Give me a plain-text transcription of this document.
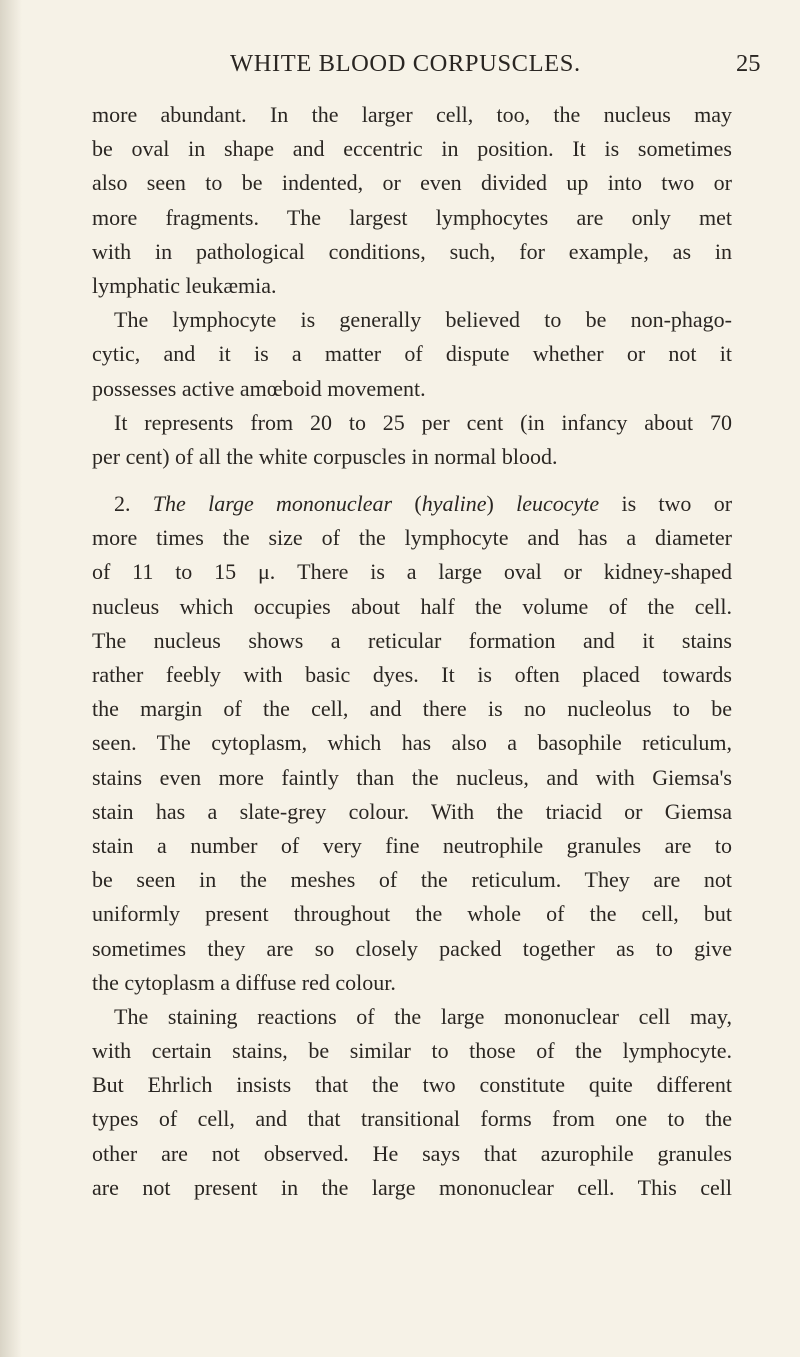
WHITE BLOOD CORPUSCLES.	25
more abundant. In the larger cell, too, the nucleus may
be oval in shape and eccentric in position. It is sometimes
also seen to be indented, or even divided up into two or
more fragments. The largest lymphocytes are only met
with in pathological conditions, such, for example, as in
lymphatic leukæmia.
The lymphocyte is generally believed to be non-phago-
cytic, and it is a matter of dispute whether or not it
possesses active amœboid movement.
It represents from 20 to 25 per cent (in infancy about 70
per cent) of all the white corpuscles in normal blood.
2. The large mononuclear (hyaline) leucocyte is two or
more times the size of the lymphocyte and has a diameter
of 11 to 15 μ. There is a large oval or kidney-shaped
nucleus which occupies about half the volume of the cell.
The nucleus shows a reticular formation and it stains
rather feebly with basic dyes. It is often placed towards
the margin of the cell, and there is no nucleolus to be
seen. The cytoplasm, which has also a basophile reticulum,
stains even more faintly than the nucleus, and with Giemsa's
stain has a slate-grey colour. With the triacid or Giemsa
stain a number of very fine neutrophile granules are to
be seen in the meshes of the reticulum. They are not
uniformly present throughout the whole of the cell, but
sometimes they are so closely packed together as to give
the cytoplasm a diffuse red colour.
The staining reactions of the large mononuclear cell may,
with certain stains, be similar to those of the lymphocyte.
But Ehrlich insists that the two constitute quite different
types of cell, and that transitional forms from one to the
other are not observed. He says that azurophile granules
are not present in the large mononuclear cell. This cell
